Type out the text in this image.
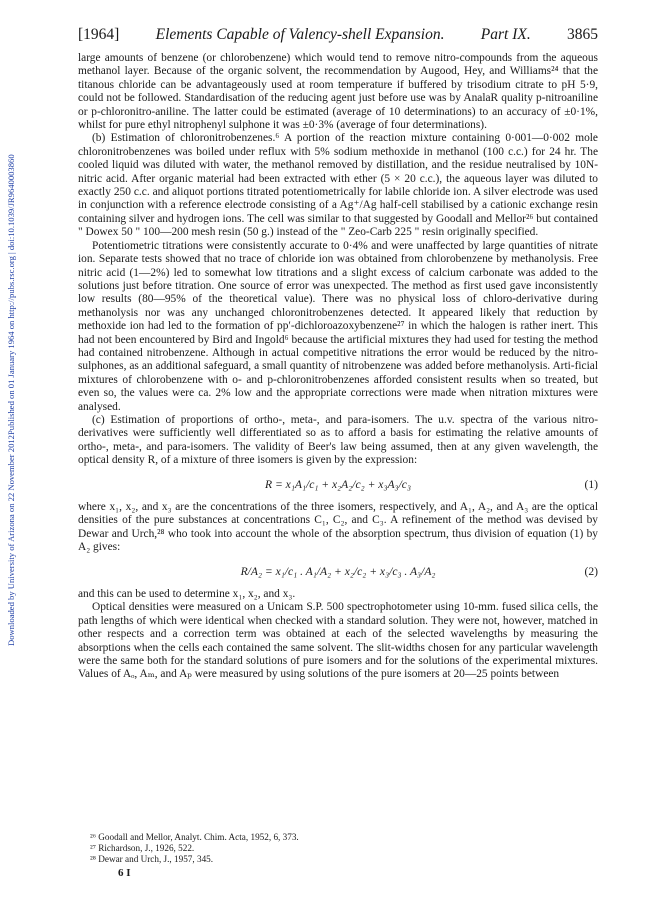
[1964] Elements Capable of Valency-shell Expansion. Part IX. 3865
Downloaded by University of Arizona on 22 November 2012
Published on 01 January 1964 on http://pubs.rsc.org | doi:10.1039/JR9640003860

large amounts of benzene (or chlorobenzene) which would tend to remove nitro-compounds from the aqueous methanol layer. Because of the organic solvent, the recommendation by Augood, Hey, and Williams²⁴ that the titanous chloride can be advantageously used at room temperature if buffered by trisodium citrate to pH 5·9, could not be followed. Standardisation of the reducing agent just before use was by AnalaR quality p-nitroaniline or p-chloronitro-aniline. The latter could be estimated (average of 10 determinations) to an accuracy of ±0·1%, whilst for pure ethyl nitrophenyl sulphone it was ±0·3% (average of four determinations).

(b) Estimation of chloronitrobenzenes.⁶ A portion of the reaction mixture containing 0·001—0·002 mole chloronitrobenzenes was boiled under reflux with 5% sodium methoxide in methanol (100 c.c.) for 24 hr. The cooled liquid was diluted with water, the methanol removed by distillation, and the residue neutralised by 10N-nitric acid. After organic material had been extracted with ether (5 × 20 c.c.), the aqueous layer was diluted to exactly 250 c.c. and aliquot portions titrated potentiometrically for labile chloride ion. A silver electrode was used in conjunction with a reference electrode consisting of a Ag⁺/Ag half-cell stabilised by a cationic exchange resin containing silver and hydrogen ions. The cell was similar to that suggested by Goodall and Mellor²⁶ but contained " Dowex 50 " 100—200 mesh resin (50 g.) instead of the " Zeo-Carb 225 " resin originally specified.

Potentiometric titrations were consistently accurate to 0·4% and were unaffected by large quantities of nitrate ion. Separate tests showed that no trace of chloride ion was obtained from chlorobenzene by methanolysis. Free nitric acid (1—2%) led to somewhat low titrations and a slight excess of calcium carbonate was added to the solutions just before titration. One source of error was unexpected. The method as first used gave inconsistently low results (80—95% of the theoretical value). There was no physical loss of chloro-derivative during methanolysis nor was any unchanged chloronitrobenzenes detected. It appeared likely that reduction by methoxide ion had led to the formation of pp′-dichloroazoxybenzene²⁷ in which the halogen is rather inert. This had not been encountered by Bird and Ingold⁶ because the artificial mixtures they had used for testing the method had contained nitrobenzene. Although in actual competitive nitrations the error would be reduced by the nitro-sulphones, as an additional safeguard, a small quantity of nitrobenzene was added before methanolysis. Arti-ficial mixtures of chlorobenzene with o- and p-chloronitrobenzenes afforded consistent results when so treated, but even so, the values were ca. 2% low and the appropriate corrections were made when nitration mixtures were analysed.

(c) Estimation of proportions of ortho-, meta-, and para-isomers. The u.v. spectra of the various nitro-derivatives were sufficiently well differentiated so as to afford a basis for estimating the relative amounts of ortho-, meta-, and para-isomers. The validity of Beer's law being assumed, then at any given wavelength, the optical density R, of a mixture of three isomers is given by the expression:

R = x₁A₁/c₁ + x₂A₂/c₂ + x₃A₃/c₃	(1)

where x₁, x₂, and x₃ are the concentrations of the three isomers, respectively, and A₁, A₂, and A₃ are the optical densities of the pure substances at concentrations C₁, C₂, and C₃. A refinement of the method was devised by Dewar and Urch,²⁸ who took into account the whole of the absorption spectrum, thus division of equation (1) by A₂ gives:

R/A₂ = x₁/c₁ . A₁/A₂ + x₂/c₂ + x₃/c₃ . A₃/A₂	(2)

and this can be used to determine x₁, x₂, and x₃.

Optical densities were measured on a Unicam S.P. 500 spectrophotometer using 10-mm. fused silica cells, the path lengths of which were identical when checked with a standard solution. They were not, however, matched in other respects and a correction term was obtained at each of the selected wavelengths by measuring the absorptions when the cells each contained the same solvent. The slit-widths chosen for any particular wavelength were the same both for the standard solutions of pure isomers and for the solutions of the experimental mixtures. Values of Aₒ, Aₘ, and Aₚ were measured by using solutions of the pure isomers at 20—25 points between

²⁶ Goodall and Mellor, Analyt. Chim. Acta, 1952, 6, 373.
²⁷ Richardson, J., 1926, 522.
²⁸ Dewar and Urch, J., 1957, 345.
6 I
